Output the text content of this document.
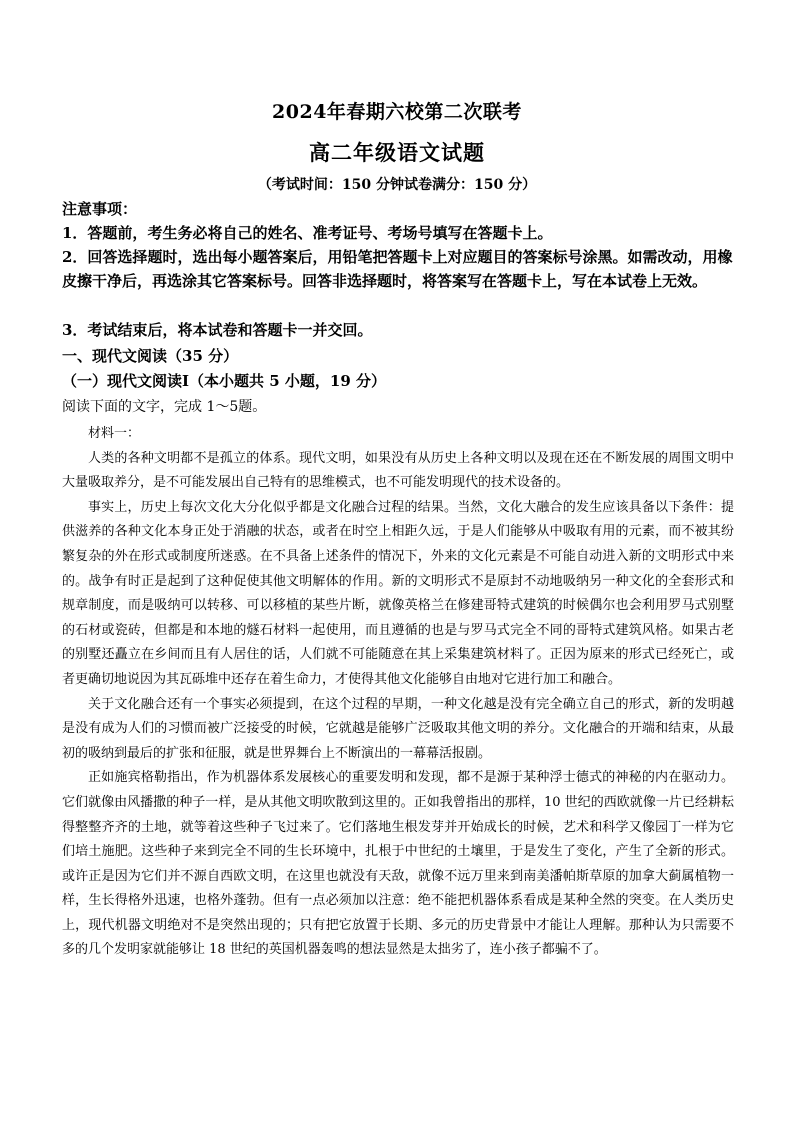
2024年春期六校第二次联考
高二年级语文试题
（考试时间：150 分钟试卷满分：150 分）
注意事项：
1．答题前，考生务必将自己的姓名、准考证号、考场号填写在答题卡上。
2．回答选择题时，选出每小题答案后，用铅笔把答题卡上对应题目的答案标号涂黑。如需改动，用橡皮擦干净后，再选涂其它答案标号。回答非选择题时，将答案写在答题卡上，写在本试卷上无效。
3．考试结束后，将本试卷和答题卡一并交回。
一、现代文阅读（35 分）
（一）现代文阅读Ⅰ（本小题共 5 小题，19 分）
阅读下面的文字，完成 1～5题。

材料一：

人类的各种文明都不是孤立的体系。现代文明，如果没有从历史上各种文明以及现在还在不断发展的周围文明中大量吸取养分，是不可能发展出自己特有的思维模式，也不可能发明现代的技术设备的。

事实上，历史上每次文化大分化似乎都是文化融合过程的结果。当然，文化大融合的发生应该具备以下条件：提供滋养的各种文化本身正处于消融的状态，或者在时空上相距久远，于是人们能够从中吸取有用的元素，而不被其纷繁复杂的外在形式或制度所迷惑。在不具备上述条件的情况下，外来的文化元素是不可能自动进入新的文明形式中来的。战争有时正是起到了这种促使其他文明解体的作用。新的文明形式不是原封不动地吸纳另一种文化的全套形式和规章制度，而是吸纳可以转移、可以移植的某些片断，就像英格兰在修建哥特式建筑的时候偶尔也会利用罗马式别墅的石材或瓷砖，但都是和本地的燧石材料一起使用，而且遵循的也是与罗马式完全不同的哥特式建筑风格。如果古老的别墅还矗立在乡间而且有人居住的话，人们就不可能随意在其上采集建筑材料了。正因为原来的形式已经死亡，或者更确切地说因为其瓦砾堆中还存在着生命力，才使得其他文化能够自由地对它进行加工和融合。

关于文化融合还有一个事实必须提到，在这个过程的早期，一种文化越是没有完全确立自己的形式，新的发明越是没有成为人们的习惯而被广泛接受的时候，它就越是能够广泛吸取其他文明的养分。文化融合的开端和结束，从最初的吸纳到最后的扩张和征服，就是世界舞台上不断演出的一幕幕活报剧。

正如施宾格勒指出，作为机器体系发展核心的重要发明和发现，都不是源于某种浮士德式的神秘的内在驱动力。它们就像由风播撒的种子一样，是从其他文明吹散到这里的。正如我曾指出的那样，10 世纪的西欧就像一片已经耕耘得整整齐齐的土地，就等着这些种子飞过来了。它们落地生根发芽并开始成长的时候，艺术和科学又像园丁一样为它们培土施肥。这些种子来到完全不同的生长环境中，扎根于中世纪的土壤里，于是发生了变化，产生了全新的形式。或许正是因为它们并不源自西欧文明，在这里也就没有天敌，就像不远万里来到南美潘帕斯草原的加拿大蓟属植物一样，生长得格外迅速，也格外蓬勃。但有一点必须加以注意：绝不能把机器体系看成是某种全然的突变。在人类历史上，现代机器文明绝对不是突然出现的；只有把它放置于长期、多元的历史背景中才能让人理解。那种认为只需要不多的几个发明家就能够让 18 世纪的英国机器轰鸣的想法显然是太拙劣了，连小孩子都骗不了。
